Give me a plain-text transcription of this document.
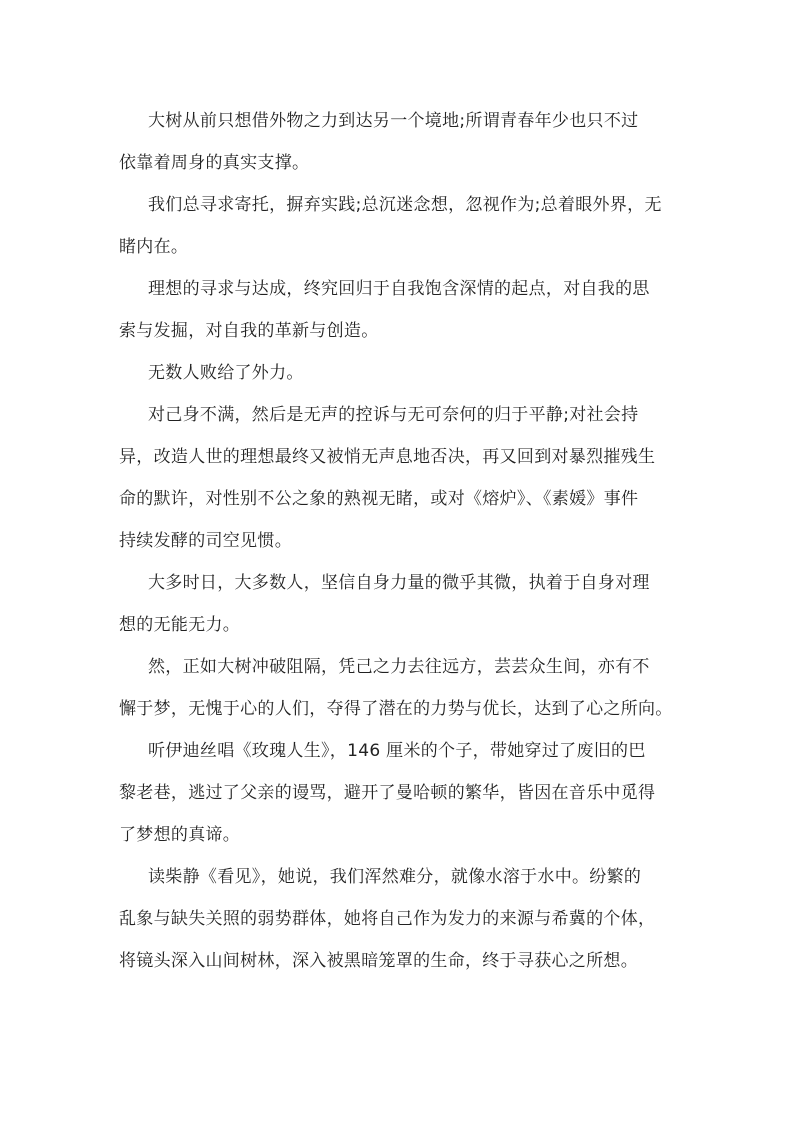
大树从前只想借外物之力到达另一个境地;所谓青春年少也只不过
依靠着周身的真实支撑。
我们总寻求寄托，摒弃实践;总沉迷念想，忽视作为;总着眼外界，无
睹内在。
理想的寻求与达成，终究回归于自我饱含深情的起点，对自我的思
索与发掘，对自我的革新与创造。
无数人败给了外力。
对己身不满，然后是无声的控诉与无可奈何的归于平静;对社会持
异，改造人世的理想最终又被悄无声息地否决，再又回到对暴烈摧残生
命的默许，对性别不公之象的熟视无睹，或对《熔炉》、《素媛》事件
持续发酵的司空见惯。
大多时日，大多数人，坚信自身力量的微乎其微，执着于自身对理
想的无能无力。
然，正如大树冲破阻隔，凭己之力去往远方，芸芸众生间，亦有不
懈于梦，无愧于心的人们，夺得了潜在的力势与优长，达到了心之所向。
听伊迪丝唱《玫瑰人生》，146 厘米的个子，带她穿过了废旧的巴
黎老巷，逃过了父亲的谩骂，避开了曼哈顿的繁华，皆因在音乐中觅得
了梦想的真谛。
读柴静《看见》，她说，我们浑然难分，就像水溶于水中。纷繁的
乱象与缺失关照的弱势群体，她将自己作为发力的来源与希冀的个体，
将镜头深入山间树林，深入被黑暗笼罩的生命，终于寻获心之所想。
